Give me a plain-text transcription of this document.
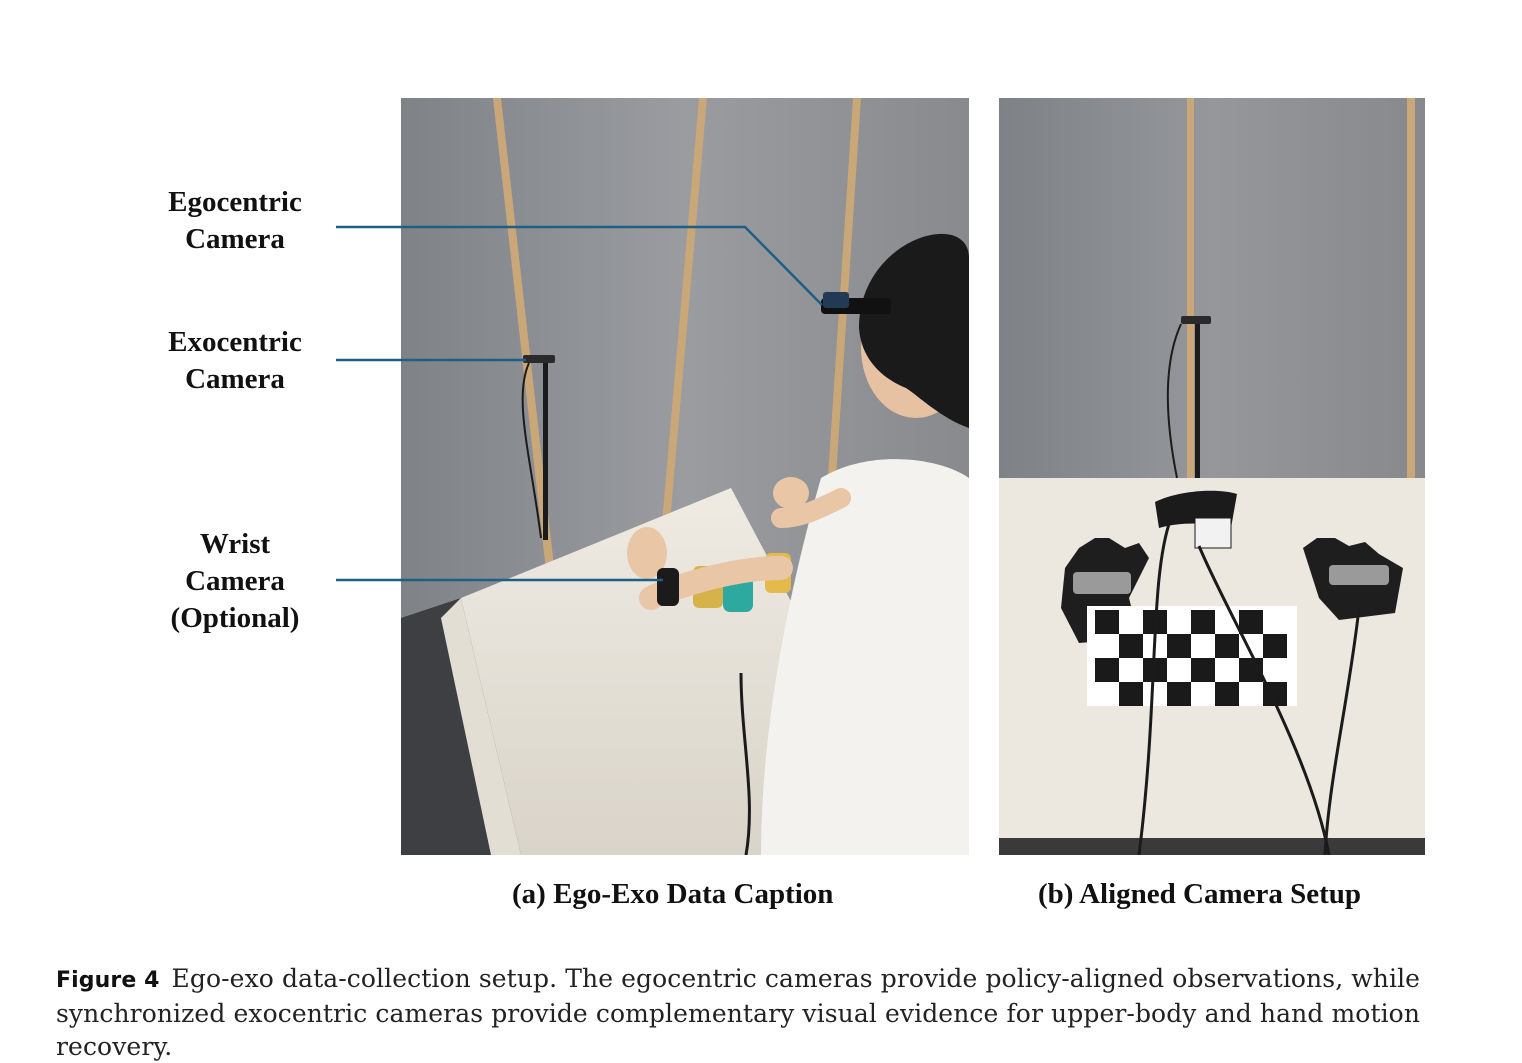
Egocentric
Camera
Exocentric
Camera
Wrist
Camera
(Optional)
(a) Ego-Exo Data Caption	(b) Aligned Camera Setup
Figure 4 Ego-exo data-collection setup. The egocentric cameras provide policy-aligned observations, while synchronized exocentric cameras provide complementary visual evidence for upper-body and hand motion recovery.
